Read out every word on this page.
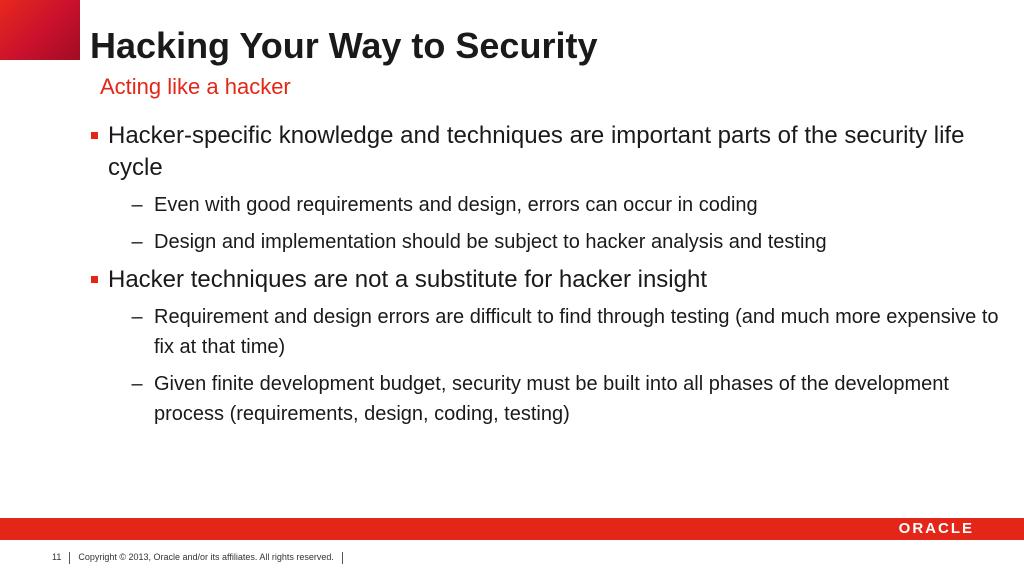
Hacking Your Way to Security
Acting like a hacker
Hacker-specific knowledge and techniques are important parts of the security life cycle
– Even with good requirements and design, errors can occur in coding
– Design and implementation should be subject to hacker analysis and testing
Hacker techniques are not a substitute for hacker insight
– Requirement and design errors are difficult to find through testing (and much more expensive to fix at that time)
– Given finite development budget, security must be built into all phases of the development process (requirements, design, coding, testing)
ORACLE
11 Copyright © 2013, Oracle and/or its affiliates. All rights reserved.
